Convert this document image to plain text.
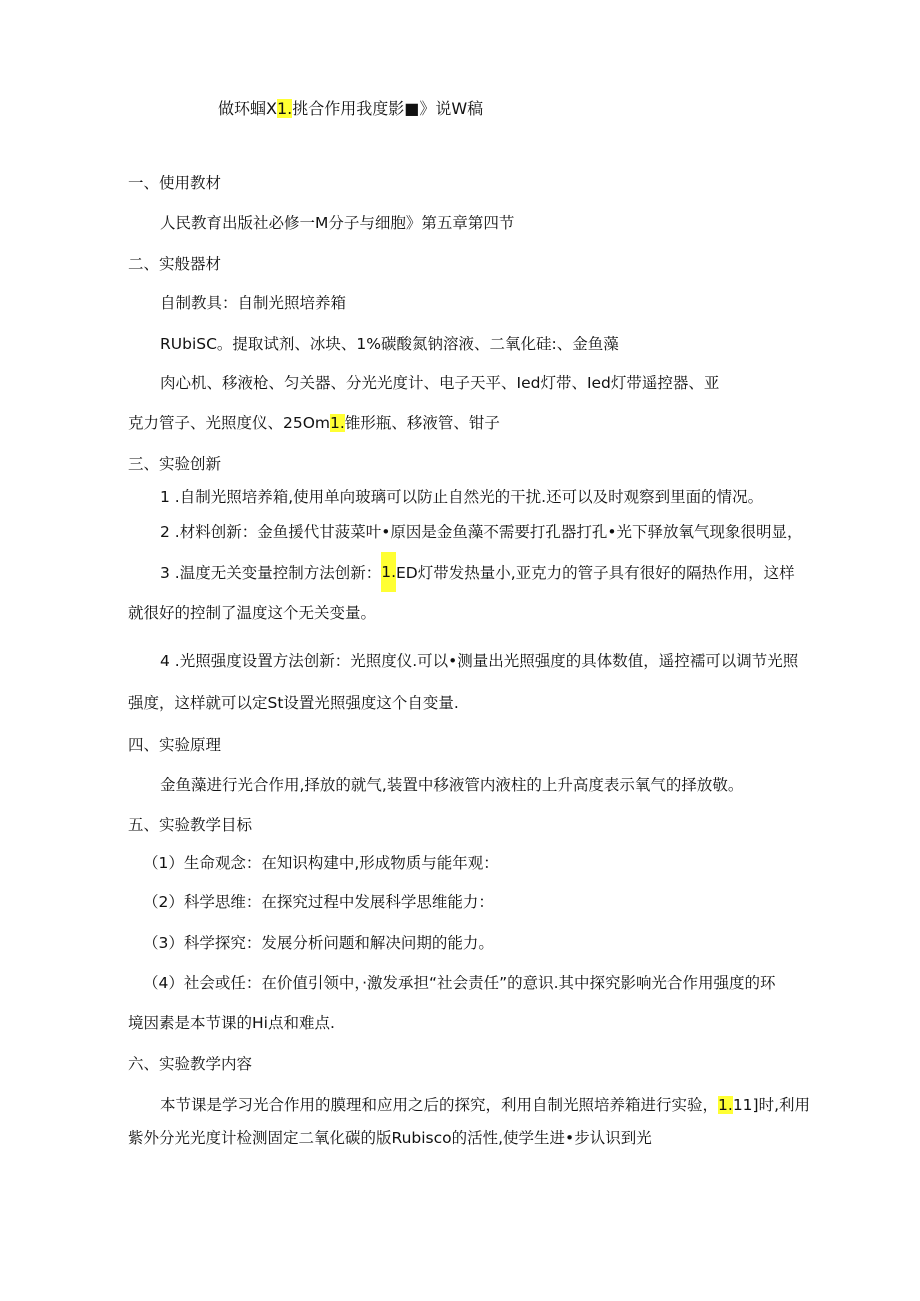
做环蝈X1.挑合作用我度影■》说W稿
一、使用教材
人民教育出版社必修一M分子与细胞》第五章第四节
二、实般器材
自制教具：自制光照培养箱
RUbiSC。提取试剂、冰块、1%碳酸氮钠溶液、二氧化硅:、金鱼藻
肉心机、移液枪、匀关器、分光光度计、电子天平、Ied灯带、Ied灯带遥控器、亚
克力管子、光照度仪、25Om1.锥形瓶、移液管、钳子
三、实验创新
1 .自制光照培养箱,使用单向玻璃可以防止自然光的干扰.还可以及时观察到里面的情况。
2 .材料创新：金鱼援代甘菠菜叶•原因是金鱼藻不需要打孔器打孔•光下驿放氧气现象很明显，
3 .温度无关变量控制方法创新：1.ED灯带发热量小,亚克力的管子具有很好的隔热作用，这样
就很好的控制了温度这个无关变量。
4 .光照强度设置方法创新：光照度仪.可以•测量出光照强度的具体数值，遥控襦可以调节光照
强度，这样就可以定St设置光照强度这个自变量.
四、实验原理
金鱼藻进行光合作用,择放的就气,装置中移液管内液柱的上升高度表示氧气的择放敬。
五、实验教学目标
（1）生命观念：在知识构建中,形成物质与能年观：
（2）科学思维：在探究过程中发展科学思维能力：
（3）科学探究：发展分析问题和解决问期的能力。
（4）社会或任：在价值引领中，·激发承担“社会责任”的意识.其中探究影响光合作用强度的环
境因素是本节课的Hi点和难点.
六、实验教学内容
本节课是学习光合作用的膜理和应用之后的探究，利用自制光照培养箱进行实验，1.11]时,利用
紫外分光光度计检测固定二氧化碳的版Rubisco的活性,使学生进•步认识到光
